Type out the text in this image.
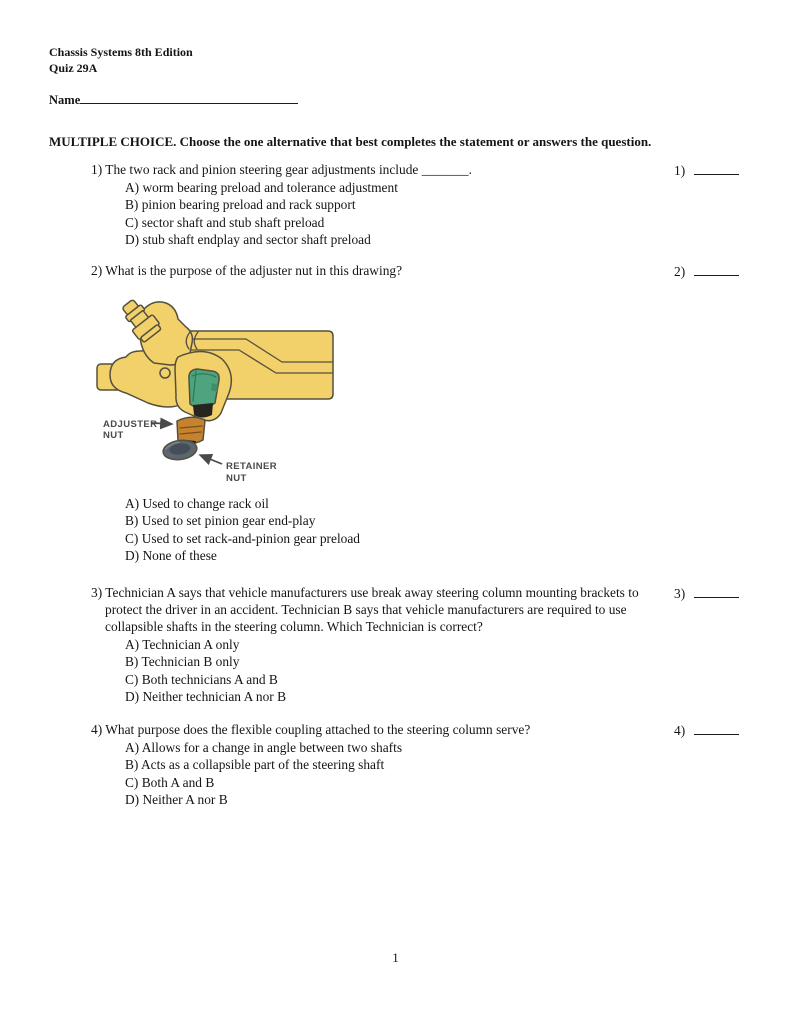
Chassis Systems 8th Edition
Quiz 29A
Name
MULTIPLE CHOICE. Choose the one alternative that best completes the statement or answers the question.
1) The two rack and pinion steering gear adjustments include _______.
A) worm bearing preload and tolerance adjustment
B) pinion bearing preload and rack support
C) sector shaft and stub shaft preload
D) stub shaft endplay and sector shaft preload
1)
2) What is the purpose of the adjuster nut in this drawing?	2)
ADJUSTER
NUT
RETAINER
NUT
A) Used to change rack oil
B) Used to set pinion gear end-play
C) Used to set rack-and-pinion gear preload
D) None of these
3) Technician A says that vehicle manufacturers use break away steering column mounting brackets to protect the driver in an accident. Technician B says that vehicle manufacturers are required to use collapsible shafts in the steering column. Which Technician is correct?
A) Technician A only
B) Technician B only
C) Both technicians A and B
D) Neither technician A nor B
3)
4) What purpose does the flexible coupling attached to the steering column serve?
A) Allows for a change in angle between two shafts
B) Acts as a collapsible part of the steering shaft
C) Both A and B
D) Neither A nor B
4)
1
